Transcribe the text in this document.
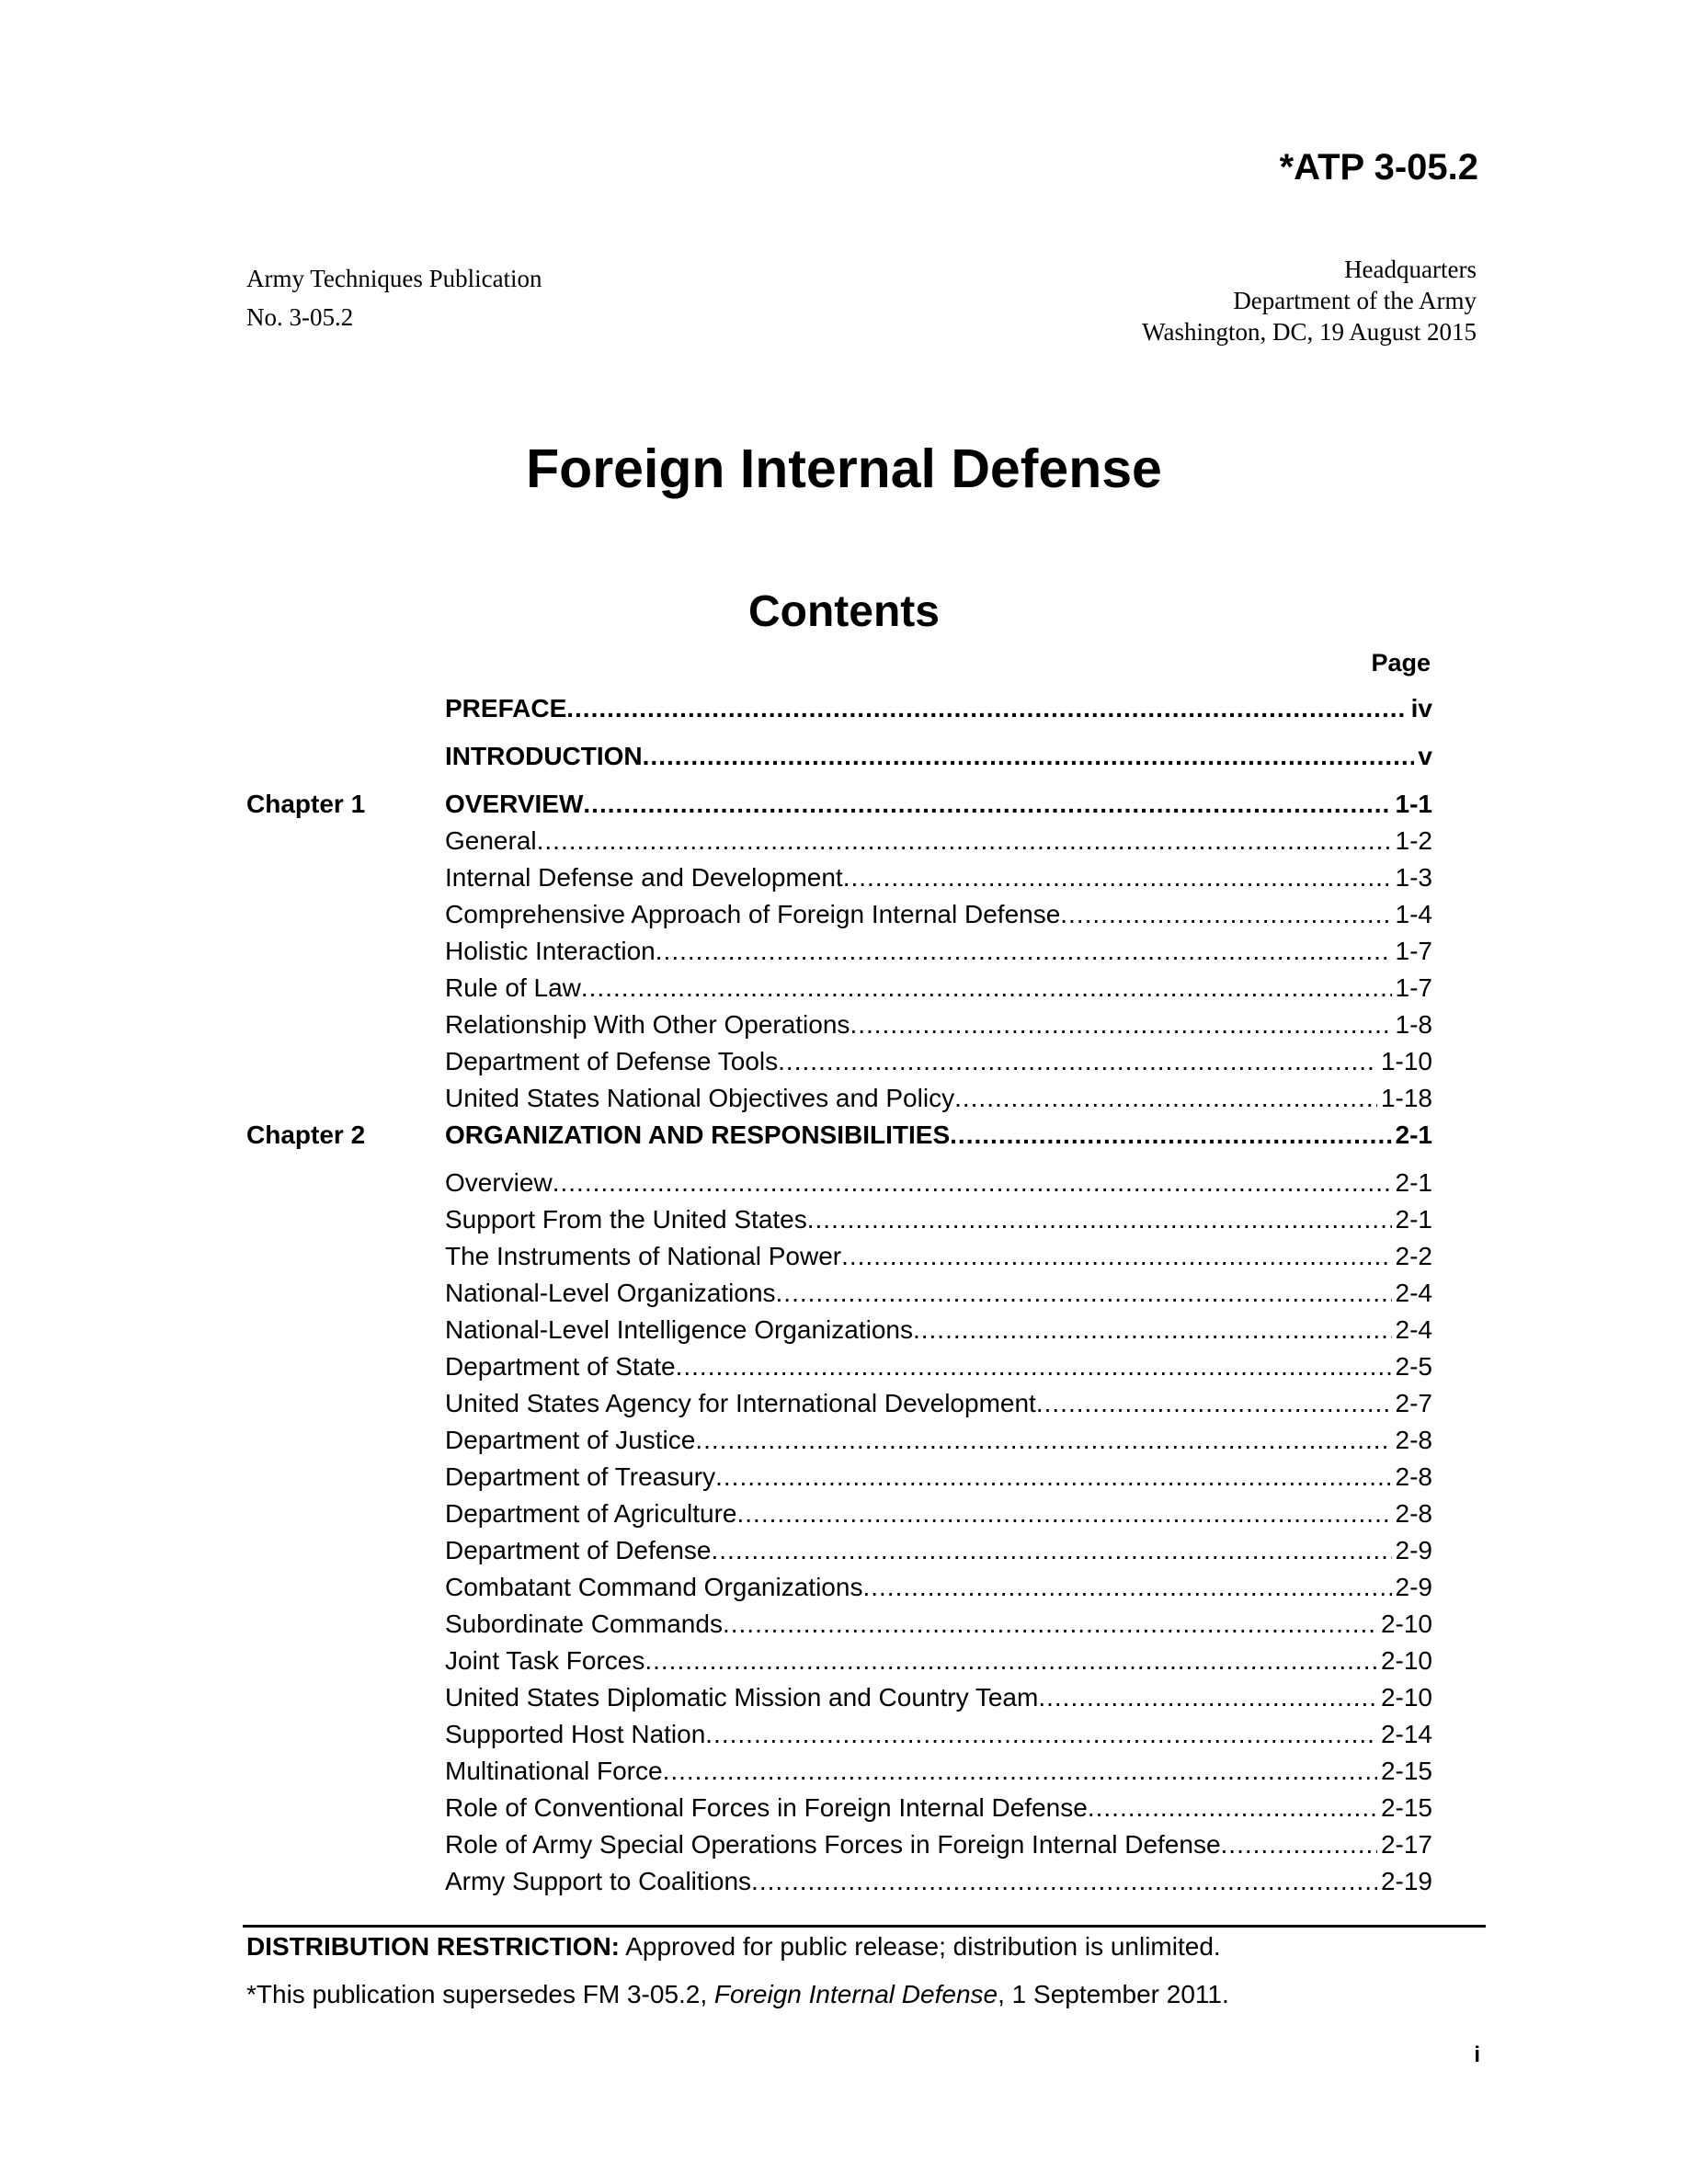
*ATP 3-05.2
Army Techniques Publication
No. 3-05.2
Headquarters
Department of the Army
Washington, DC, 19 August 2015
Foreign Internal Defense
Contents
Page
PREFACE .....	iv
INTRODUCTION .....	v
Chapter 1	OVERVIEW .....	1-1
General .....	1-2
Internal Defense and Development .....	1-3
Comprehensive Approach of Foreign Internal Defense .....	1-4
Holistic Interaction .....	1-7
Rule of Law .....	1-7
Relationship With Other Operations .....	1-8
Department of Defense Tools .....	1-10
United States National Objectives and Policy .....	1-18
Chapter 2	ORGANIZATION AND RESPONSIBILITIES .....	2-1
Overview .....	2-1
Support From the United States .....	2-1
The Instruments of National Power .....	2-2
National-Level Organizations .....	2-4
National-Level Intelligence Organizations .....	2-4
Department of State .....	2-5
United States Agency for International Development .....	2-7
Department of Justice .....	2-8
Department of Treasury .....	2-8
Department of Agriculture .....	2-8
Department of Defense .....	2-9
Combatant Command Organizations .....	2-9
Subordinate Commands .....	2-10
Joint Task Forces .....	2-10
United States Diplomatic Mission and Country Team .....	2-10
Supported Host Nation .....	2-14
Multinational Force .....	2-15
Role of Conventional Forces in Foreign Internal Defense .....	2-15
Role of Army Special Operations Forces in Foreign Internal Defense .....	2-17
Army Support to Coalitions .....	2-19
DISTRIBUTION RESTRICTION: Approved for public release; distribution is unlimited.
*This publication supersedes FM 3-05.2, Foreign Internal Defense, 1 September 2011.
i
